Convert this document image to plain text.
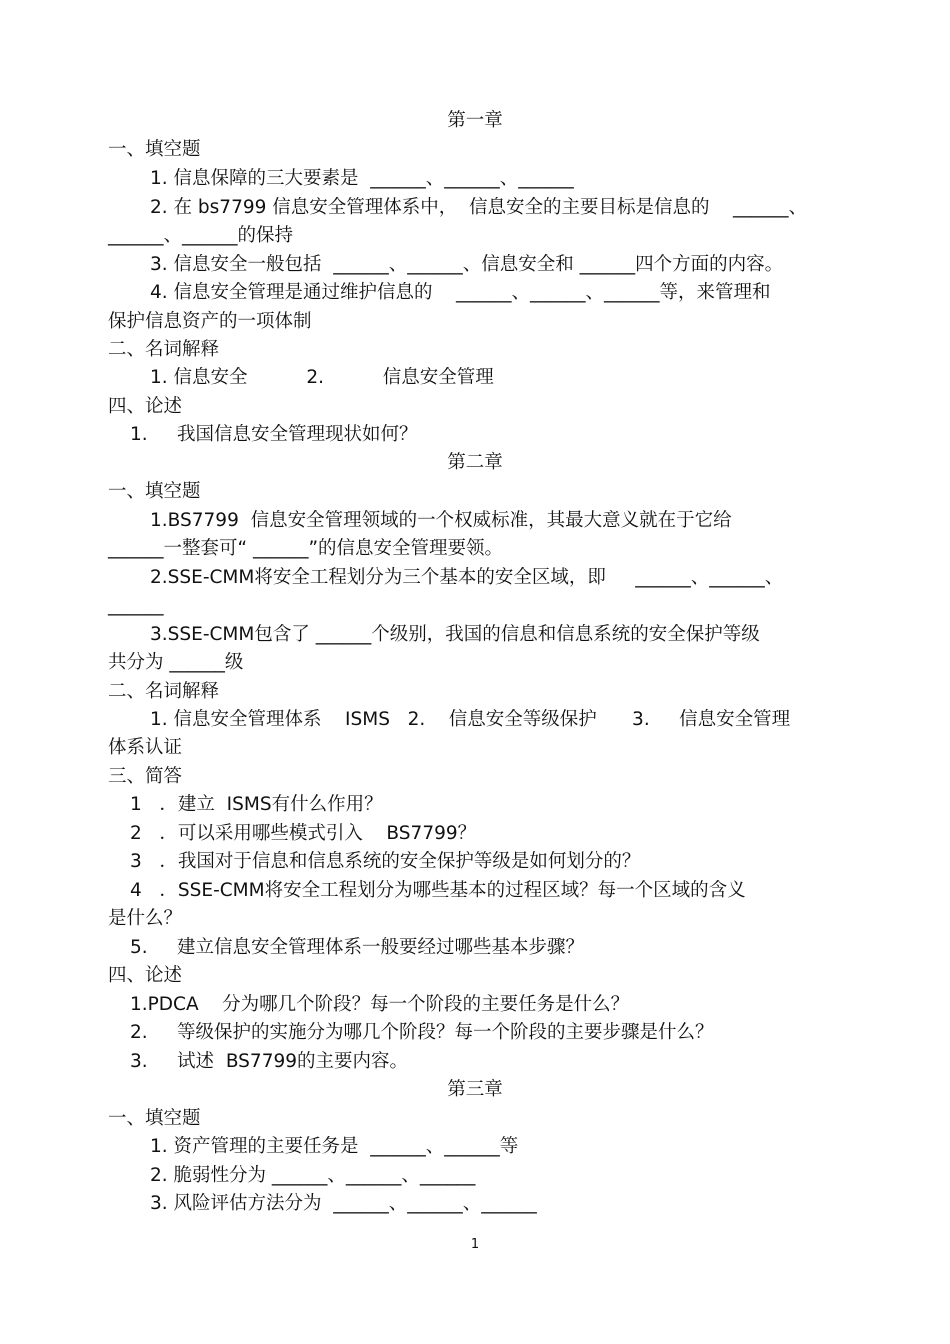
第一章
一、填空题
1. 信息保障的三大要素是  ______、______、______
2. 在 bs7799 信息安全管理体系中，  信息安全的主要目标是信息的    ______、
______、______的保持
3. 信息安全一般包括  ______、______、信息安全和 ______四个方面的内容。
4. 信息安全管理是通过维护信息的    ______、______、______等，来管理和
保护信息资产的一项体制
二、名词解释
1. 信息安全          2.          信息安全管理
四、论述
1.     我国信息安全管理现状如何？
第二章
一、填空题
1.BS7799  信息安全管理领域的一个权威标准，其最大意义就在于它给
______一整套可“ ______”的信息安全管理要领。
2.SSE-CMM将安全工程划分为三个基本的安全区域，即     ______、______、
______
3.SSE-CMM包含了 ______个级别，我国的信息和信息系统的安全保护等级
共分为 ______级
二、名词解释
1. 信息安全管理体系    ISMS   2.    信息安全等级保护      3.     信息安全管理
体系认证
三、简答
1   ．建立  ISMS有什么作用？
2   ．可以采用哪些模式引入    BS7799？
3   ．我国对于信息和信息系统的安全保护等级是如何划分的？
4   ．SSE-CMM将安全工程划分为哪些基本的过程区域？每一个区域的含义
是什么？
5.     建立信息安全管理体系一般要经过哪些基本步骤？
四、论述
1.PDCA    分为哪几个阶段？每一个阶段的主要任务是什么？
2.     等级保护的实施分为哪几个阶段？每一个阶段的主要步骤是什么？
3.     试述  BS7799的主要内容。
第三章
一、填空题
1. 资产管理的主要任务是  ______、______等
2. 脆弱性分为 ______、______、______
3. 风险评估方法分为  ______、______、______
1
